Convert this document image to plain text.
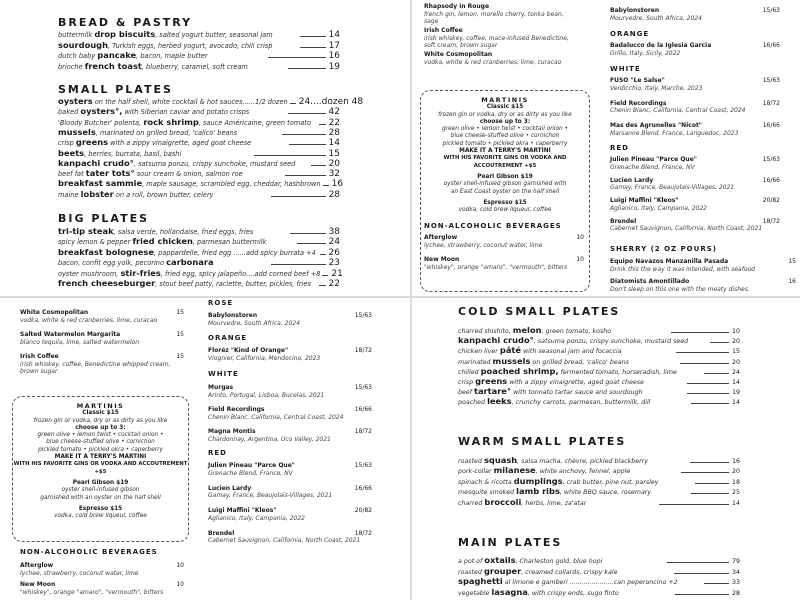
BREAD & PASTRY
buttermilk drop biscuits, salted yogurt butter, seasonal jam	14
sourdough, Turkish eggs, herbed yogurt, avocado, chili crisp	17
dutch baby pancake, bacon, maple butter	16
brioche french toast, blueberry, caramel, soft cream	19
SMALL PLATES
oysters on the half shell, white cocktail & hot sauces......1/2 dozen 24....dozen 48
baked oysters°, with Siberian caviar and potato crisps	42
'Bloody Butcher' polenta, rock shrimp, sauce Américaine, green tomato	22
mussels, marinated on grilled bread, 'calico' beans	28
crisp greens with a zippy vinaigrette, aged goat cheese	14
beets, berries, burrata, basil, bashi	15
kanpachi crudo°, satsuma ponzu, crispy sunchoke, mustard seed	20
beef fat tater tots° sour cream & onion, salmon roe	32
breakfast sammie, maple sausage, scrambled egg, cheddar, hashbrown 16
maine lobster on a roll, brown butter, celery	28
BIG PLATES
tri-tip steak, salsa verde, hollandaise, fried eggs, fries	38
spicy lemon & pepper fried chicken, parmesan buttermilk	24
breakfast bolognese, pappardelle, fried egg ......add spicy burrata +4 26
bacon, confit egg yolk, pecorino carbonara	23
oyster mushroom, stir-fries, fried egg, spicy jalapeño....add corned beef +8 21
french cheeseburger, stout beef patty, raclette, butter, pickles, fries	22
Rhapsody in Rouge
french gin, lemon, morello cherry, tonka bean, sage
Irish Coffee
irish whiskey, coffee, mace-infused Benedictine, soft cream, brown sugar
White Cosmopolitan
vodka, white & red cranberries, lime, curacao
MARTINIS
Classic $15
frozen gin or vodka, dry or as dirty as you like
choose up to 3:
green olive • lemon twist • cocktail onion •
blue cheese-stuffed olive • cornichon
pickled tomato • pickled okra • caperberry
MAKE IT A TERRY'S MARTINI
WITH HIS FAVORITE GINS OR VODKA AND ACCOUTREMENT +$5
Pearl Gibson $19
oyster shell-infused gibson garnished with
an East Coast oyster on the half shell
Espresso $15
vodka, cold brew liqueur, coffee
NON-ALCOHOLIC BEVERAGES
Afterglow
lychee, strawberry, coconut water, lime
10
New Moon
"whiskey", orange "amaro", "vermouth", bitters
10
Babylonstoren
Mourvedre, South Africa, 2024
15/63
ORANGE
Badalucco de la Iglesia Garcia
Grillo, Italy, Sicily, 2022
16/66
WHITE
FUSO "Le Salse"
Verdicchio, Italy, Marche, 2023
15/63
Field Recordings
Chenin Blanc, California, Central Coast, 2024
18/72
Mas des Agrunelles "Nicot"
Marsanne Blend, France, Languedoc, 2023
16/66
RED
Julien Pineau "Parce Que"
Grenache Blend, France, NV
15/63
Lucien Lardy
Gamay, France, Beaujolais-Villages, 2021
16/66
Luigi Maffini "Kleos"
Aglianico, Italy, Campania, 2022
20/82
Brendel
Cabernet Sauvignon, California, North Coast, 2021
18/72
SHERRY (2 OZ POURS)
Equipo Navazos Manzanilla Pasada
Drink this the way it was intended, with seafood
15
Diatomists Amontillado
Don't sleep on this one with the meaty dishes.
16
White Cosmopolitan
vodka, white & red cranberries, lime, curacao
15
Salted Watermelon Margarita
blanco tequila, lime, salted watermelon
15
Irish Coffee
irish whiskey, coffee, Benedictine whipped cream, brown sugar
15
MARTINIS
Classic $15
frozen gin or vodka, dry or as dirty as you like
choose up to 3:
green olive • lemon twist • cocktail onion •
blue cheese-stuffed olive • cornichon
pickled tomato • pickled okra • caperberry
MAKE IT A TERRY'S MARTINI
WITH HIS FAVORITE GINS OR VODKA AND ACCOUTREMENT +$5
Pearl Gibson $19
oyster shell-infused gibson
garnished with an oyster on the half shell
Espresso $15
vodka, cold brew liqueur, coffee
NON-ALCOHOLIC BEVERAGES
Afterglow
lychee, strawberry, coconut water, lime
10
New Moon
"whiskey", orange "amaro", "vermouth", bitters
10
ROSE
Babylonstoren
Mourvedre, South Africa, 2024
15/63
ORANGE
Floréz "Kind of Orange"
Viognier, California, Mendocino, 2023
18/72
WHITE
Murgas
Arinto, Portugal, Lisboa, Bucelas, 2021
15/63
Field Recordings
Chenin Blanc, California, Central Coast, 2024
16/66
Magna Montis
Chardonnay, Argentina, Uco Valley, 2021
18/72
RED
Julien Pineau "Parce Que"
Grenache Blend, France, NV
15/63
Lucien Lardy
Gamay, France, Beaujolais-Villages, 2021
16/66
Luigi Maffini "Kleos"
Aglianico, Italy, Campania, 2022
20/82
Brendel
Cabernet Sauvignon, California, North Coast, 2021
18/72
COLD SMALL PLATES
charred shishito, melon, green tomato, kosho	10
kanpachi crudo°, satsuma ponzu, crispy sunchoke, mustard seed	20
chicken liver pâté with seasonal jam and focaccia	15
marinated mussels on grilled bread, 'calico' beans	20
chilled poached shrimp, fermented tomato, horseradish, lime	24
crisp greens with a zippy vinaigrette, aged goat cheese	14
beef tartare° with tonnato tartar sauce and sourdough	19
poached leeks, crunchy carrots, parmesan, buttermilk, dill	14
WARM SMALL PLATES
roasted squash, salsa macha, chèvre, pickled blackberry	16
pork-collar milanese, white anchovy, fennel, apple	20
spinach & ricotta dumplings, crab butter, pine nut, parsley	18
mesquite smoked lamb ribs, white BBQ sauce, rosemary	25
charred broccoli, herbs, lime, za'atar	14
MAIN PLATES
a pot of oxtails, Charleston gold, blue hopi	79
roasted grouper, creamed collards, crispy kale	34
spaghetti al limone e gamberi ......................can peperoncino +2	33
vegetable lasagna, with crispy ends, sugo finto	28
